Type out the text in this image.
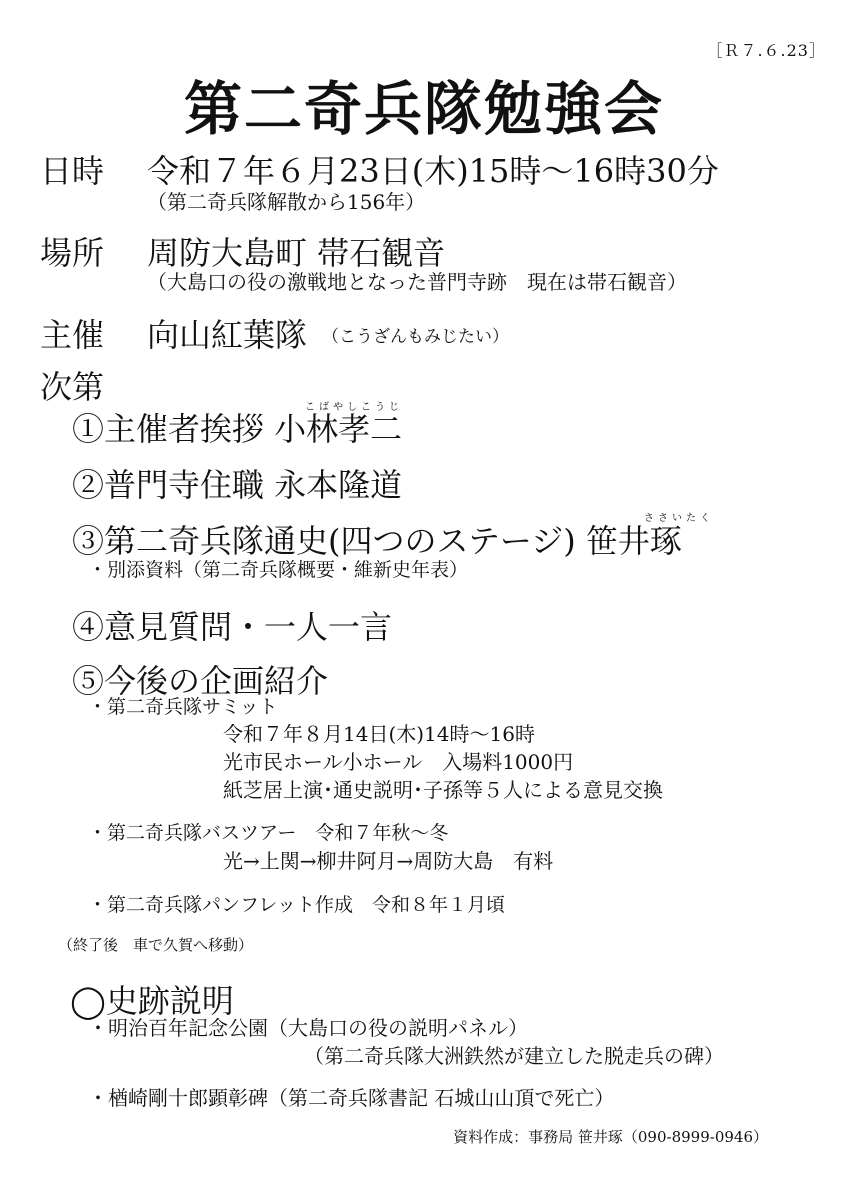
［Ｒ７.６.23］
第二奇兵隊勉強会
日時 令和７年６月23日(木)15時～16時30分
（第二奇兵隊解散から156年）
場所 周防大島町 帯石観音
（大島口の役の激戦地となった普門寺跡　現在は帯石観音）
主催 向山紅葉隊 （こうざんもみじたい）
次第
こばやしこうじ
①主催者挨拶 小林孝二
②普門寺住職 永本隆道
ささいたく
③第二奇兵隊通史(四つのステージ) 笹井琢
・別添資料（第二奇兵隊概要・維新史年表）
④意見質問・一人一言
⑤今後の企画紹介
・第二奇兵隊サミット
令和７年８月14日(木)14時～16時
光市民ホール小ホール　入場料1000円
紙芝居上演･通史説明･子孫等５人による意見交換
・第二奇兵隊バスツアー　令和７年秋～冬
光→上関→柳井阿月→周防大島　有料
・第二奇兵隊パンフレット作成　令和８年１月頃
（終了後　車で久賀へ移動）
◯史跡説明
・明治百年記念公園（大島口の役の説明パネル）
（第二奇兵隊大洲鉄然が建立した脱走兵の碑）
・楢崎剛十郎顕彰碑（第二奇兵隊書記 石城山山頂で死亡）
資料作成：事務局 笹井琢（090-8999-0946）
